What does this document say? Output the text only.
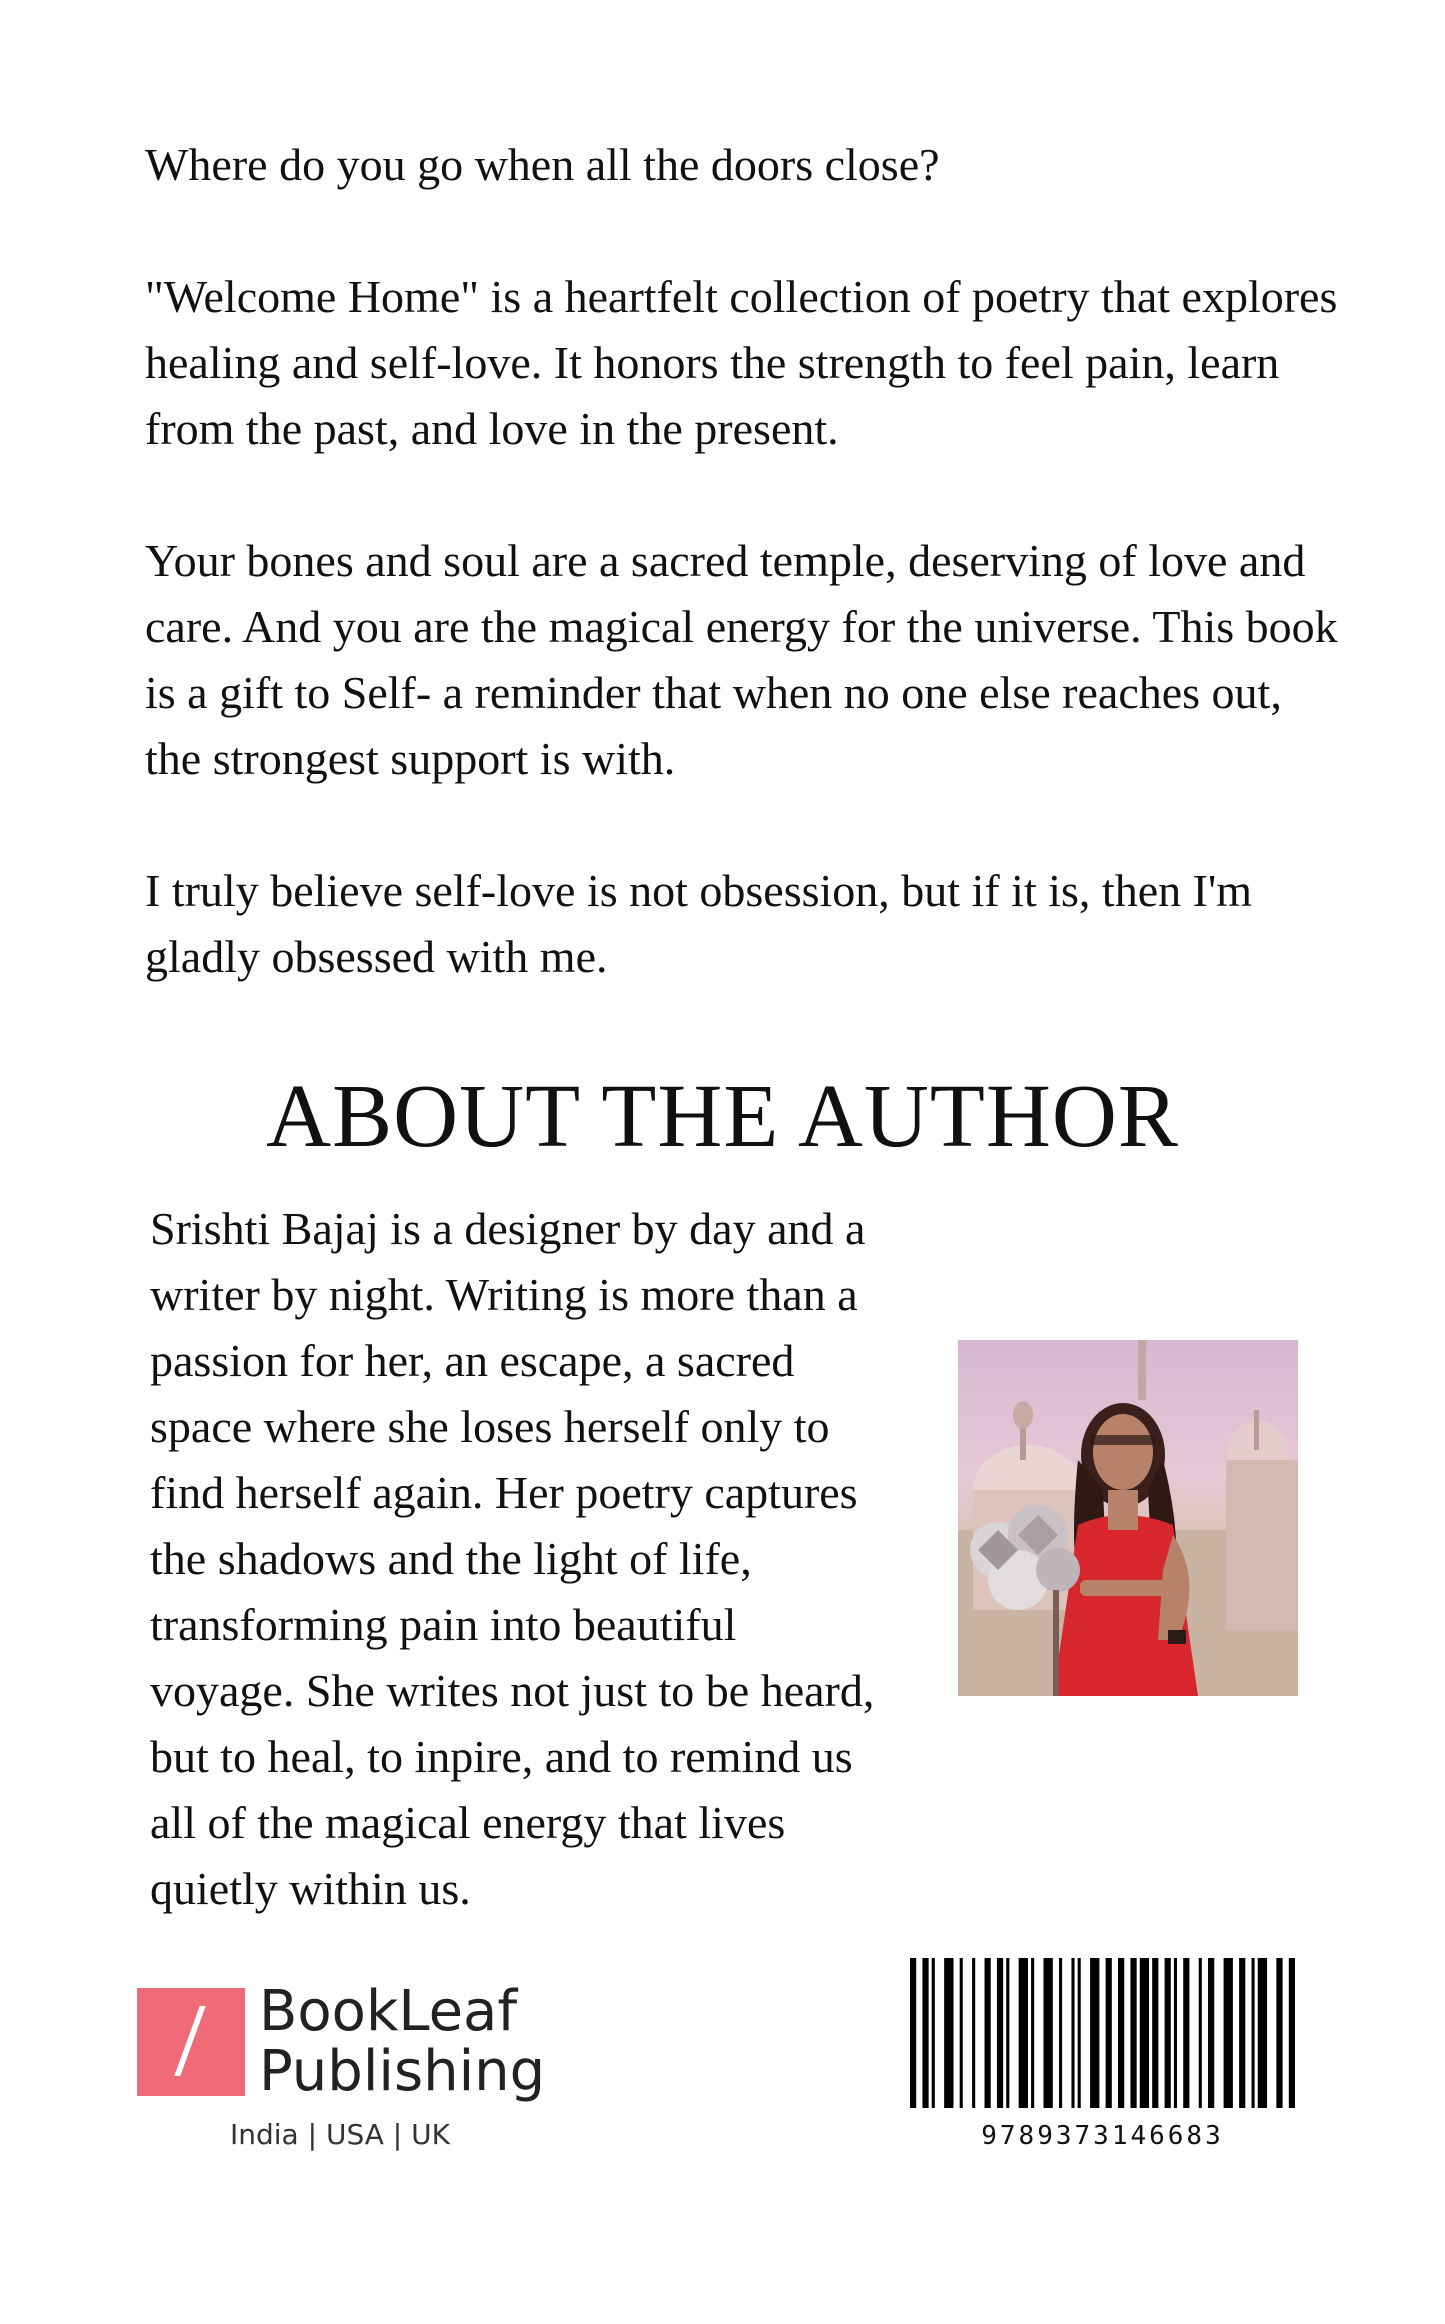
Where do you go when all the doors close?

"Welcome Home" is a heartfelt collection of poetry that explores healing and self-love. It honors the strength to feel pain, learn from the past, and love in the present.

Your bones and soul are a sacred temple, deserving of love and care. And you are the magical energy for the universe. This book is a gift to Self- a reminder that when no one else reaches out, the strongest support is with.

I truly believe self-love is not obsession, but if it is, then I'm gladly obsessed with me.

ABOUT THE AUTHOR
Srishti Bajaj is a designer by day and a
writer by night. Writing is more than a
passion for her, an escape, a sacred
space where she loses herself only to
find herself again. Her poetry captures
the shadows and the light of life,
transforming pain into beautiful
voyage. She writes not just to be heard,
but to heal, to inpire, and to remind us
all of the magical energy that lives
quietly within us.
BookLeaf
Publishing
India | USA | UK	9789373146683
